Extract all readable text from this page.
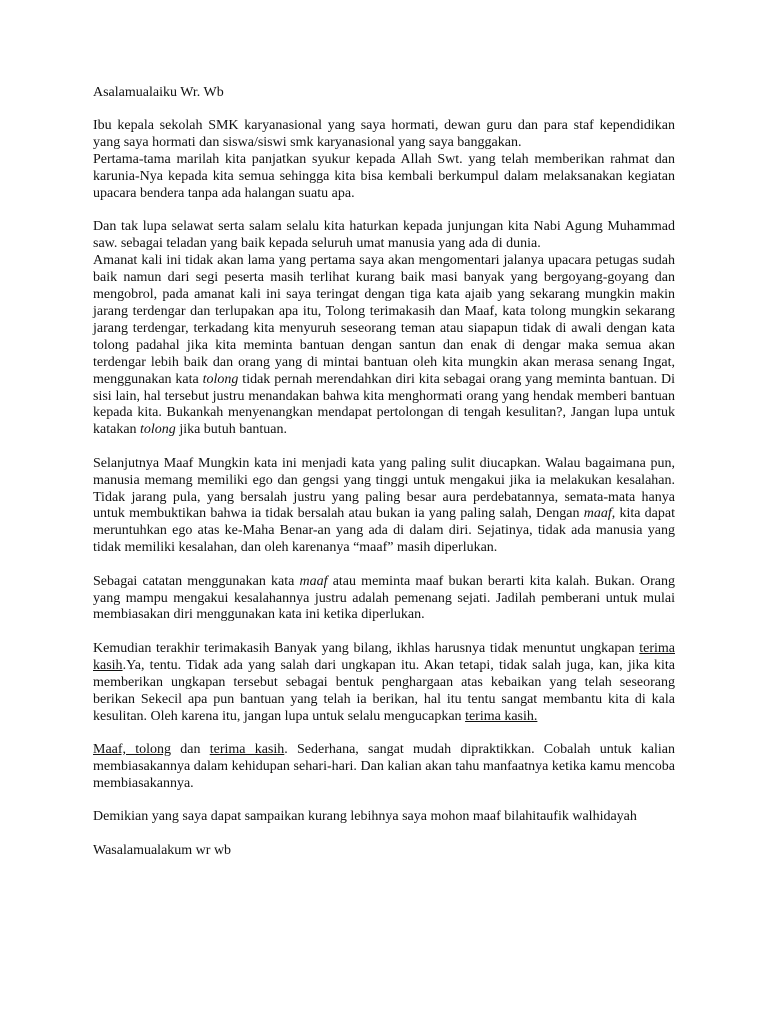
Asalamualaiku Wr. Wb

Ibu kepala sekolah SMK karyanasional yang saya hormati, dewan guru dan para staf kependidikan yang saya hormati dan siswa/siswi smk karyanasional yang saya banggakan.

Pertama-tama marilah kita panjatkan syukur kepada Allah Swt. yang telah memberikan rahmat dan karunia-Nya kepada kita semua sehingga kita bisa kembali berkumpul dalam melaksanakan kegiatan upacara bendera tanpa ada halangan suatu apa.

Dan tak lupa selawat serta salam selalu kita haturkan kepada junjungan kita Nabi Agung Muhammad saw. sebagai teladan yang baik kepada seluruh umat manusia yang ada di dunia.

Amanat kali ini tidak akan lama yang pertama saya akan mengomentari jalanya upacara petugas sudah baik namun dari segi peserta masih terlihat kurang baik masi banyak yang bergoyang-goyang dan mengobrol, pada amanat kali ini saya teringat dengan tiga kata ajaib yang sekarang mungkin makin jarang terdengar dan terlupakan apa itu, Tolong terimakasih dan Maaf, kata tolong mungkin sekarang jarang terdengar, terkadang kita menyuruh seseorang teman atau siapapun tidak di awali dengan kata tolong padahal jika kita meminta bantuan dengan santun dan enak di dengar maka semua akan terdengar lebih baik dan orang yang di mintai bantuan oleh kita mungkin akan merasa senang Ingat, menggunakan kata tolong tidak pernah merendahkan diri kita sebagai orang yang meminta bantuan. Di sisi lain, hal tersebut justru menandakan bahwa kita menghormati orang yang hendak memberi bantuan kepada kita. Bukankah menyenangkan mendapat pertolongan di tengah kesulitan?, Jangan lupa untuk katakan tolong jika butuh bantuan.

Selanjutnya Maaf Mungkin kata ini menjadi kata yang paling sulit diucapkan. Walau bagaimana pun, manusia memang memiliki ego dan gengsi yang tinggi untuk mengakui jika ia melakukan kesalahan. Tidak jarang pula, yang bersalah justru yang paling besar aura perdebatannya, semata-mata hanya untuk membuktikan bahwa ia tidak bersalah atau bukan ia yang paling salah, Dengan maaf, kita dapat meruntuhkan ego atas ke-Maha Benar-an yang ada di dalam diri. Sejatinya, tidak ada manusia yang tidak memiliki kesalahan, dan oleh karenanya “maaf” masih diperlukan.

Sebagai catatan menggunakan kata maaf atau meminta maaf bukan berarti kita kalah. Bukan. Orang yang mampu mengakui kesalahannya justru adalah pemenang sejati. Jadilah pemberani untuk mulai membiasakan diri menggunakan kata ini ketika diperlukan.

Kemudian terakhir terimakasih Banyak yang bilang, ikhlas harusnya tidak menuntut ungkapan terima kasih.Ya, tentu. Tidak ada yang salah dari ungkapan itu. Akan tetapi, tidak salah juga, kan, jika kita memberikan ungkapan tersebut sebagai bentuk penghargaan atas kebaikan yang telah seseorang berikan Sekecil apa pun bantuan yang telah ia berikan, hal itu tentu sangat membantu kita di kala kesulitan. Oleh karena itu, jangan lupa untuk selalu mengucapkan terima kasih.

Maaf, tolong dan terima kasih. Sederhana, sangat mudah dipraktikkan. Cobalah untuk kalian membiasakannya dalam kehidupan sehari-hari. Dan kalian akan tahu manfaatnya ketika kamu mencoba membiasakannya.

Demikian yang saya dapat sampaikan kurang lebihnya saya mohon maaf bilahitaufik walhidayah

Wasalamualakum wr wb
